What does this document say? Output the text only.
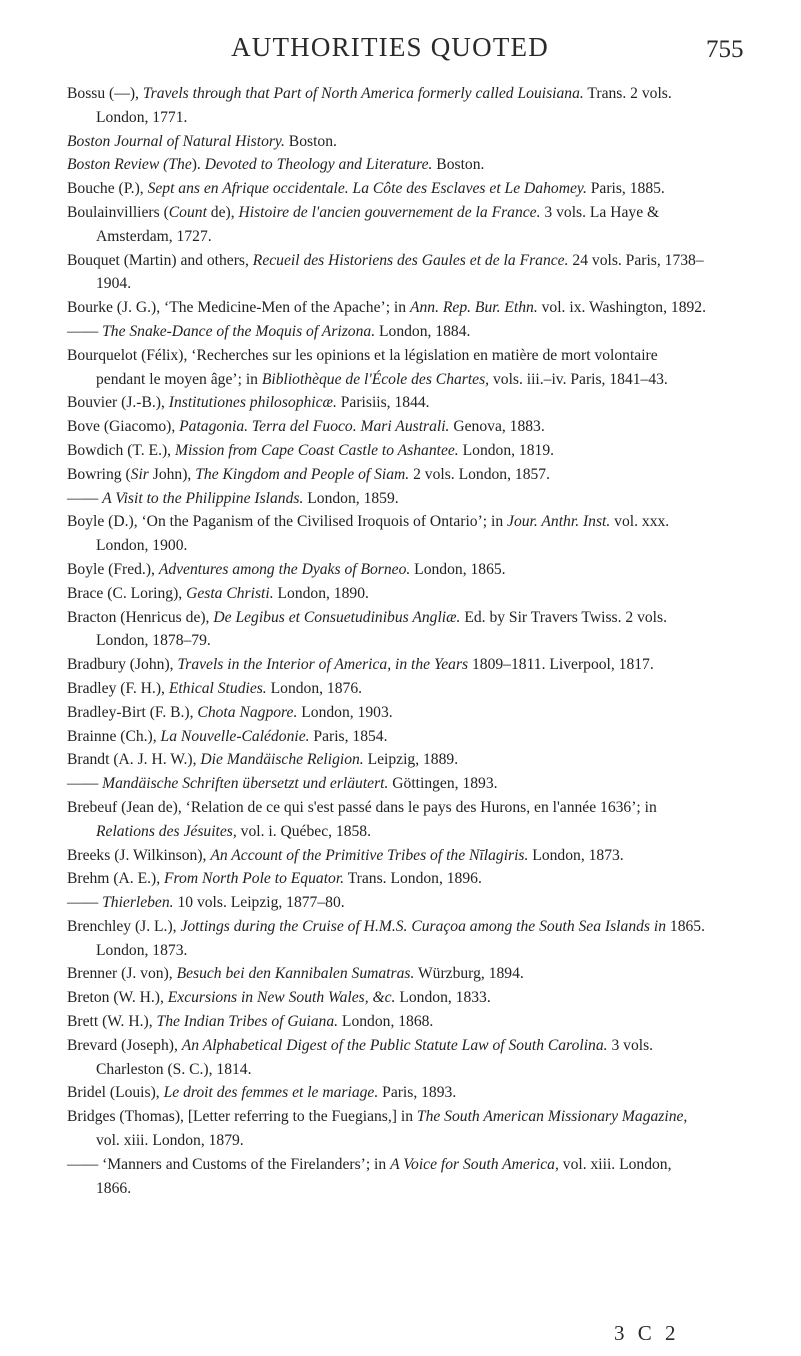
AUTHORITIES QUOTED	755
Bossu (—), Travels through that Part of North America formerly called Louisiana. Trans. 2 vols. London, 1771.
Boston Journal of Natural History. Boston.
Boston Review (The). Devoted to Theology and Literature. Boston.
Bouche (P.), Sept ans en Afrique occidentale. La Côte des Esclaves et Le Dahomey. Paris, 1885.
Boulainvilliers (Count de), Histoire de l'ancien gouvernement de la France. 3 vols. La Haye & Amsterdam, 1727.
Bouquet (Martin) and others, Recueil des Historiens des Gaules et de la France. 24 vols. Paris, 1738–1904.
Bourke (J. G.), ‘The Medicine-Men of the Apache’; in Ann. Rep. Bur. Ethn. vol. ix. Washington, 1892.
—— The Snake-Dance of the Moquis of Arizona. London, 1884.
Bourquelot (Félix), ‘Recherches sur les opinions et la législation en matière de mort volontaire pendant le moyen âge’; in Bibliothèque de l'École des Chartes, vols. iii.–iv. Paris, 1841–43.
Bouvier (J.-B.), Institutiones philosophicæ. Parisiis, 1844.
Bove (Giacomo), Patagonia. Terra del Fuoco. Mari Australi. Genova, 1883.
Bowdich (T. E.), Mission from Cape Coast Castle to Ashantee. London, 1819.
Bowring (Sir John), The Kingdom and People of Siam. 2 vols. London, 1857.
—— A Visit to the Philippine Islands. London, 1859.
Boyle (D.), ‘On the Paganism of the Civilised Iroquois of Ontario’; in Jour. Anthr. Inst. vol. xxx. London, 1900.
Boyle (Fred.), Adventures among the Dyaks of Borneo. London, 1865.
Brace (C. Loring), Gesta Christi. London, 1890.
Bracton (Henricus de), De Legibus et Consuetudinibus Angliæ. Ed. by Sir Travers Twiss. 2 vols. London, 1878–79.
Bradbury (John), Travels in the Interior of America, in the Years 1809–1811. Liverpool, 1817.
Bradley (F. H.), Ethical Studies. London, 1876.
Bradley-Birt (F. B.), Chota Nagpore. London, 1903.
Brainne (Ch.), La Nouvelle-Calédonie. Paris, 1854.
Brandt (A. J. H. W.), Die Mandäische Religion. Leipzig, 1889.
—— Mandäische Schriften übersetzt und erläutert. Göttingen, 1893.
Brebeuf (Jean de), ‘Relation de ce qui s'est passé dans le pays des Hurons, en l'année 1636’; in Relations des Jésuites, vol. i. Québec, 1858.
Breeks (J. Wilkinson), An Account of the Primitive Tribes of the Nīlagiris. London, 1873.
Brehm (A. E.), From North Pole to Equator. Trans. London, 1896.
—— Thierleben. 10 vols. Leipzig, 1877–80.
Brenchley (J. L.), Jottings during the Cruise of H.M.S. Curaçoa among the South Sea Islands in 1865. London, 1873.
Brenner (J. von), Besuch bei den Kannibalen Sumatras. Würzburg, 1894.
Breton (W. H.), Excursions in New South Wales, &c. London, 1833.
Brett (W. H.), The Indian Tribes of Guiana. London, 1868.
Brevard (Joseph), An Alphabetical Digest of the Public Statute Law of South Carolina. 3 vols. Charleston (S. C.), 1814.
Bridel (Louis), Le droit des femmes et le mariage. Paris, 1893.
Bridges (Thomas), [Letter referring to the Fuegians,] in The South American Missionary Magazine, vol. xiii. London, 1879.
—— ‘Manners and Customs of the Firelanders’; in A Voice for South America, vol. xiii. London, 1866.
3 C 2
